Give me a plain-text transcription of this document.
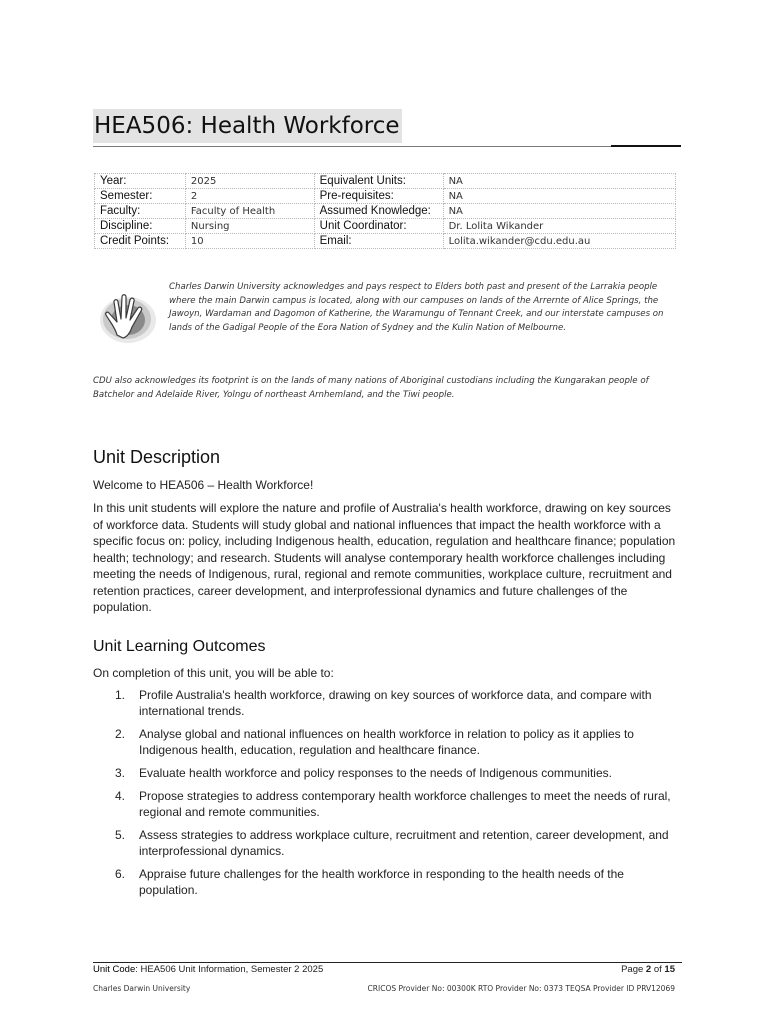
HEA506: Health Workforce
Year:	2025	Equivalent Units:	NA
Semester:	2	Pre-requisites:	NA
Faculty:	Faculty of Health	Assumed Knowledge:	NA
Discipline:	Nursing	Unit Coordinator:	Dr. Lolita Wikander
Credit Points:	10	Email:	Lolita.wikander@cdu.edu.au

Charles Darwin University acknowledges and pays respect to Elders both past and present of the Larrakia people where the main Darwin campus is located, along with our campuses on lands of the Arrernte of Alice Springs, the Jawoyn, Wardaman and Dagomon of Katherine, the Waramungu of Tennant Creek, and our interstate campuses on lands of the Gadigal People of the Eora Nation of Sydney and the Kulin Nation of Melbourne.

CDU also acknowledges its footprint is on the lands of many nations of Aboriginal custodians including the Kungarakan people of Batchelor and Adelaide River, Yolngu of northeast Arnhemland, and the Tiwi people.

Unit Description

Welcome to HEA506 – Health Workforce!

In this unit students will explore the nature and profile of Australia's health workforce, drawing on key sources of workforce data. Students will study global and national influences that impact the health workforce with a specific focus on: policy, including Indigenous health, education, regulation and healthcare finance; population health; technology; and research. Students will analyse contemporary health workforce challenges including meeting the needs of Indigenous, rural, regional and remote communities, workplace culture, recruitment and retention practices, career development, and interprofessional dynamics and future challenges of the population.

Unit Learning Outcomes

On completion of this unit, you will be able to:

1. Profile Australia's health workforce, drawing on key sources of workforce data, and compare with international trends.
2. Analyse global and national influences on health workforce in relation to policy as it applies to Indigenous health, education, regulation and healthcare finance.
3. Evaluate health workforce and policy responses to the needs of Indigenous communities.
4. Propose strategies to address contemporary health workforce challenges to meet the needs of rural, regional and remote communities.
5. Assess strategies to address workplace culture, recruitment and retention, career development, and interprofessional dynamics.
6. Appraise future challenges for the health workforce in responding to the health needs of the population.
Unit Code: HEA506 Unit Information, Semester 2 2025	Page 2 of 15
Charles Darwin University	CRICOS Provider No: 00300K RTO Provider No: 0373 TEQSA Provider ID PRV12069
